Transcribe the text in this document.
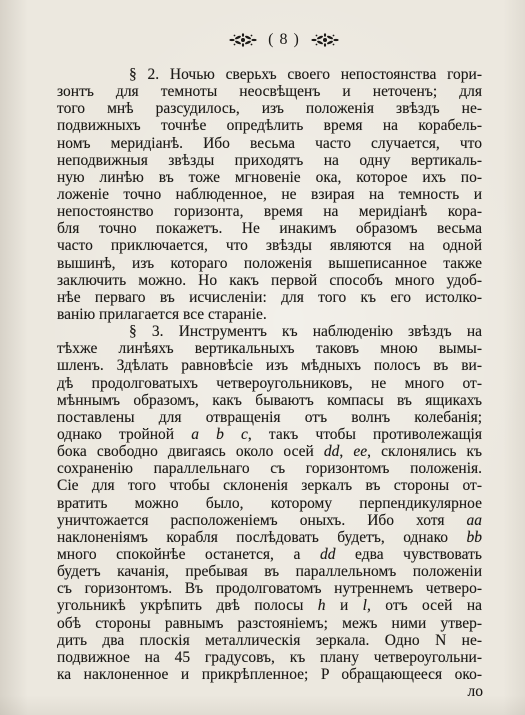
( 8 )
§ 2. Ночью сверьхъ своего непостоянства гори-
зонтъ для темноты неосвѣщенъ и неточенъ; для
того мнѣ разсудилось, изъ положенія звѣздъ не-
подвижныхъ точнѣе опредѣлить время на корабель-
номъ меридіанѣ. Ибо весьма часто случается, что
неподвижныя звѣзды приходятъ на одну вертикаль-
ную линѣю въ тоже мгновеніе ока, которое ихъ по-
ложеніе точно наблюденное, не взирая на темность и
непостоянство горизонта, время на меридіанѣ кора-
бля точно покажетъ. Не инакимъ образомъ весьма
часто приключается, что звѣзды являются на одной
вышинѣ, изъ котораго положенія вышеписанное также
заключить можно. Но какъ первой способъ много удоб-
нѣе перваго въ исчисленіи: для того къ его истолко-
ванію прилагается все стараніе.
§ 3. Инструментъ къ наблюденію звѣздъ на
тѣхже линѣяхъ вертикальныхъ таковъ мною вымы-
шленъ. Здѣлать равновѣсіе изъ мѣдныхъ полосъ въ ви-
дѣ продолговатыхъ четвероугольниковъ, не много от-
мѣннымъ образомъ, какъ бываютъ компасы въ ящикахъ
поставлены для отвращенія отъ волнъ колебанія;
однако тройной a b c, такъ чтобы противолежащія
бока свободно двигаясь около осей dd, ee, склонялись къ
сохраненію параллельнаго съ горизонтомъ положенія.
Сіе для того чтобы склоненія зеркалъ въ стороны от-
вратить можно было, которому перпендикулярное
уничтожается расположеніемъ оныхъ. Ибо хотя aa
наклоненіямъ корабля послѣдовать будетъ, однако bb
много спокойнѣе останется, а dd едва чувствовать
будетъ качанія, пребывая въ параллельномъ положеніи
съ горизонтомъ. Въ продолговатомъ нутреннемъ четверо-
угольникѣ укрѣпить двѣ полосы h и l, отъ осей на
обѣ стороны равнымъ разстояніемъ; межъ ними утвер-
дить два плоскія металлическія зеркала. Одно N не-
подвижное на 45 градусовъ, къ плану четвероугольни-
ка наклоненное и прикрѣпленное; P обращающееся око-
ло
